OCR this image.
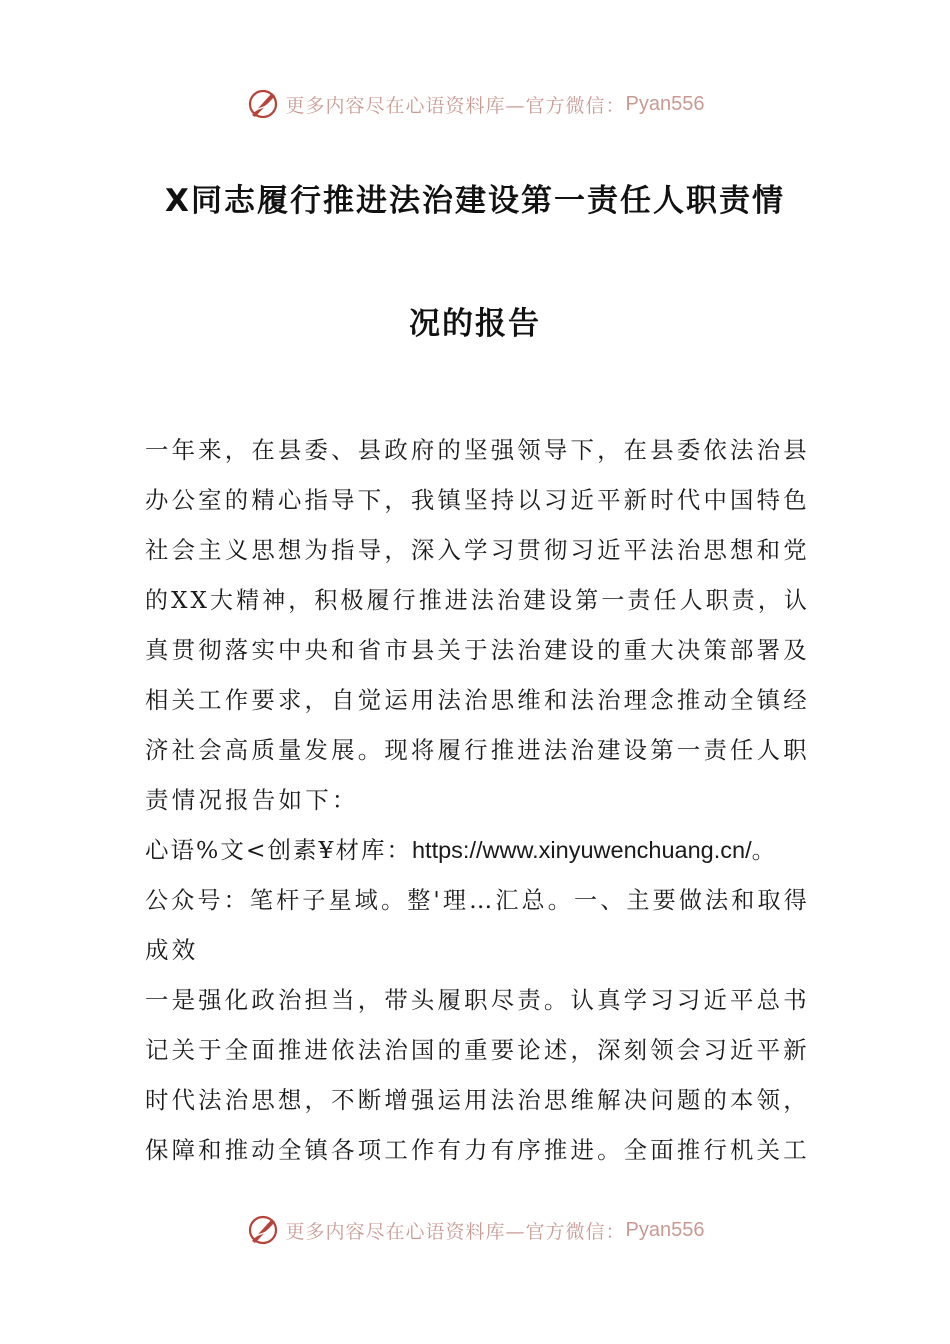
更多内容尽在心语资料库—官方微信： Pyan556
X同志履行推进法治建设第一责任人职责情
况的报告
一年来，在县委、县政府的坚强领导下，在县委依法治县
办公室的精心指导下，我镇坚持以习近平新时代中国特色
社会主义思想为指导，深入学习贯彻习近平法治思想和党
的XX大精神，积极履行推进法治建设第一责任人职责，认
真贯彻落实中央和省市县关于法治建设的重大决策部署及
相关工作要求，自觉运用法治思维和法治理念推动全镇经
济社会高质量发展。现将履行推进法治建设第一责任人职
责情况报告如下：
心语%文<创素¥材库：https://www.xinyuwenchuang.cn/。
公众号：笔杆子星域。整'理…汇总。一、主要做法和取得
成效
一是强化政治担当，带头履职尽责。认真学习习近平总书
记关于全面推进依法治国的重要论述，深刻领会习近平新
时代法治思想，不断增强运用法治思维解决问题的本领，
保障和推动全镇各项工作有力有序推进。全面推行机关工
更多内容尽在心语资料库—官方微信： Pyan556
